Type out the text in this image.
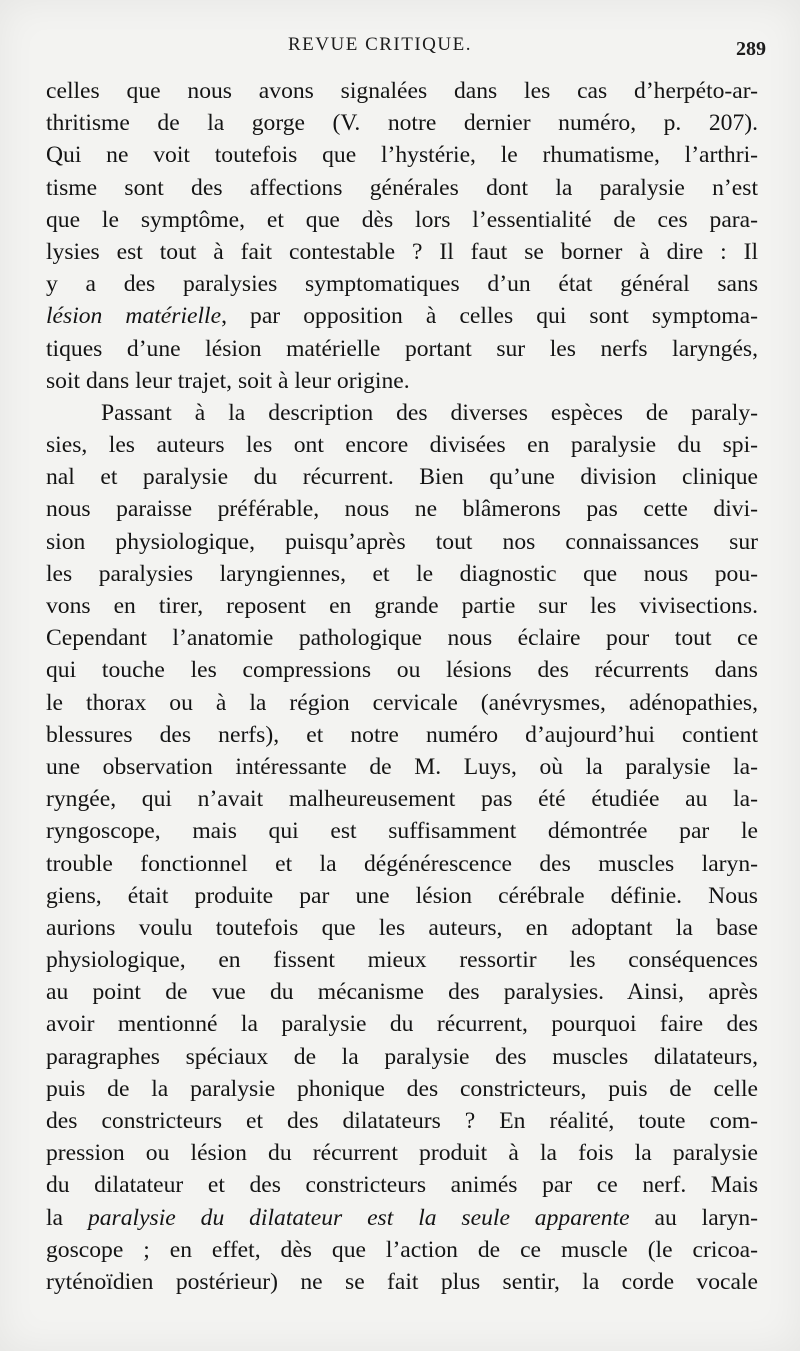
REVUE CRITIQUE.	289
celles que nous avons signalées dans les cas d’herpéto-ar-
thritisme de la gorge (V. notre dernier numéro, p. 207).
Qui ne voit toutefois que l’hystérie, le rhumatisme, l’arthri-
tisme sont des affections générales dont la paralysie n’est
que le symptôme, et que dès lors l’essentialité de ces para-
lysies est tout à fait contestable ? Il faut se borner à dire : Il
y a des paralysies symptomatiques d’un état général sans
lésion matérielle, par opposition à celles qui sont symptoma-
tiques d’une lésion matérielle portant sur les nerfs laryngés,
soit dans leur trajet, soit à leur origine.
Passant à la description des diverses espèces de paraly-
sies, les auteurs les ont encore divisées en paralysie du spi-
nal et paralysie du récurrent. Bien qu’une division clinique
nous paraisse préférable, nous ne blâmerons pas cette divi-
sion physiologique, puisqu’après tout nos connaissances sur
les paralysies laryngiennes, et le diagnostic que nous pou-
vons en tirer, reposent en grande partie sur les vivisections.
Cependant l’anatomie pathologique nous éclaire pour tout ce
qui touche les compressions ou lésions des récurrents dans
le thorax ou à la région cervicale (anévrysmes, adénopathies,
blessures des nerfs), et notre numéro d’aujourd’hui contient
une observation intéressante de M. Luys, où la paralysie la-
ryngée, qui n’avait malheureusement pas été étudiée au la-
ryngoscope, mais qui est suffisamment démontrée par le
trouble fonctionnel et la dégénérescence des muscles laryn-
giens, était produite par une lésion cérébrale définie. Nous
aurions voulu toutefois que les auteurs, en adoptant la base
physiologique, en fissent mieux ressortir les conséquences
au point de vue du mécanisme des paralysies. Ainsi, après
avoir mentionné la paralysie du récurrent, pourquoi faire des
paragraphes spéciaux de la paralysie des muscles dilatateurs,
puis de la paralysie phonique des constricteurs, puis de celle
des constricteurs et des dilatateurs ? En réalité, toute com-
pression ou lésion du récurrent produit à la fois la paralysie
du dilatateur et des constricteurs animés par ce nerf. Mais
la paralysie du dilatateur est la seule apparente au laryn-
goscope ; en effet, dès que l’action de ce muscle (le cricoa-
ryténoïdien postérieur) ne se fait plus sentir, la corde vocale
